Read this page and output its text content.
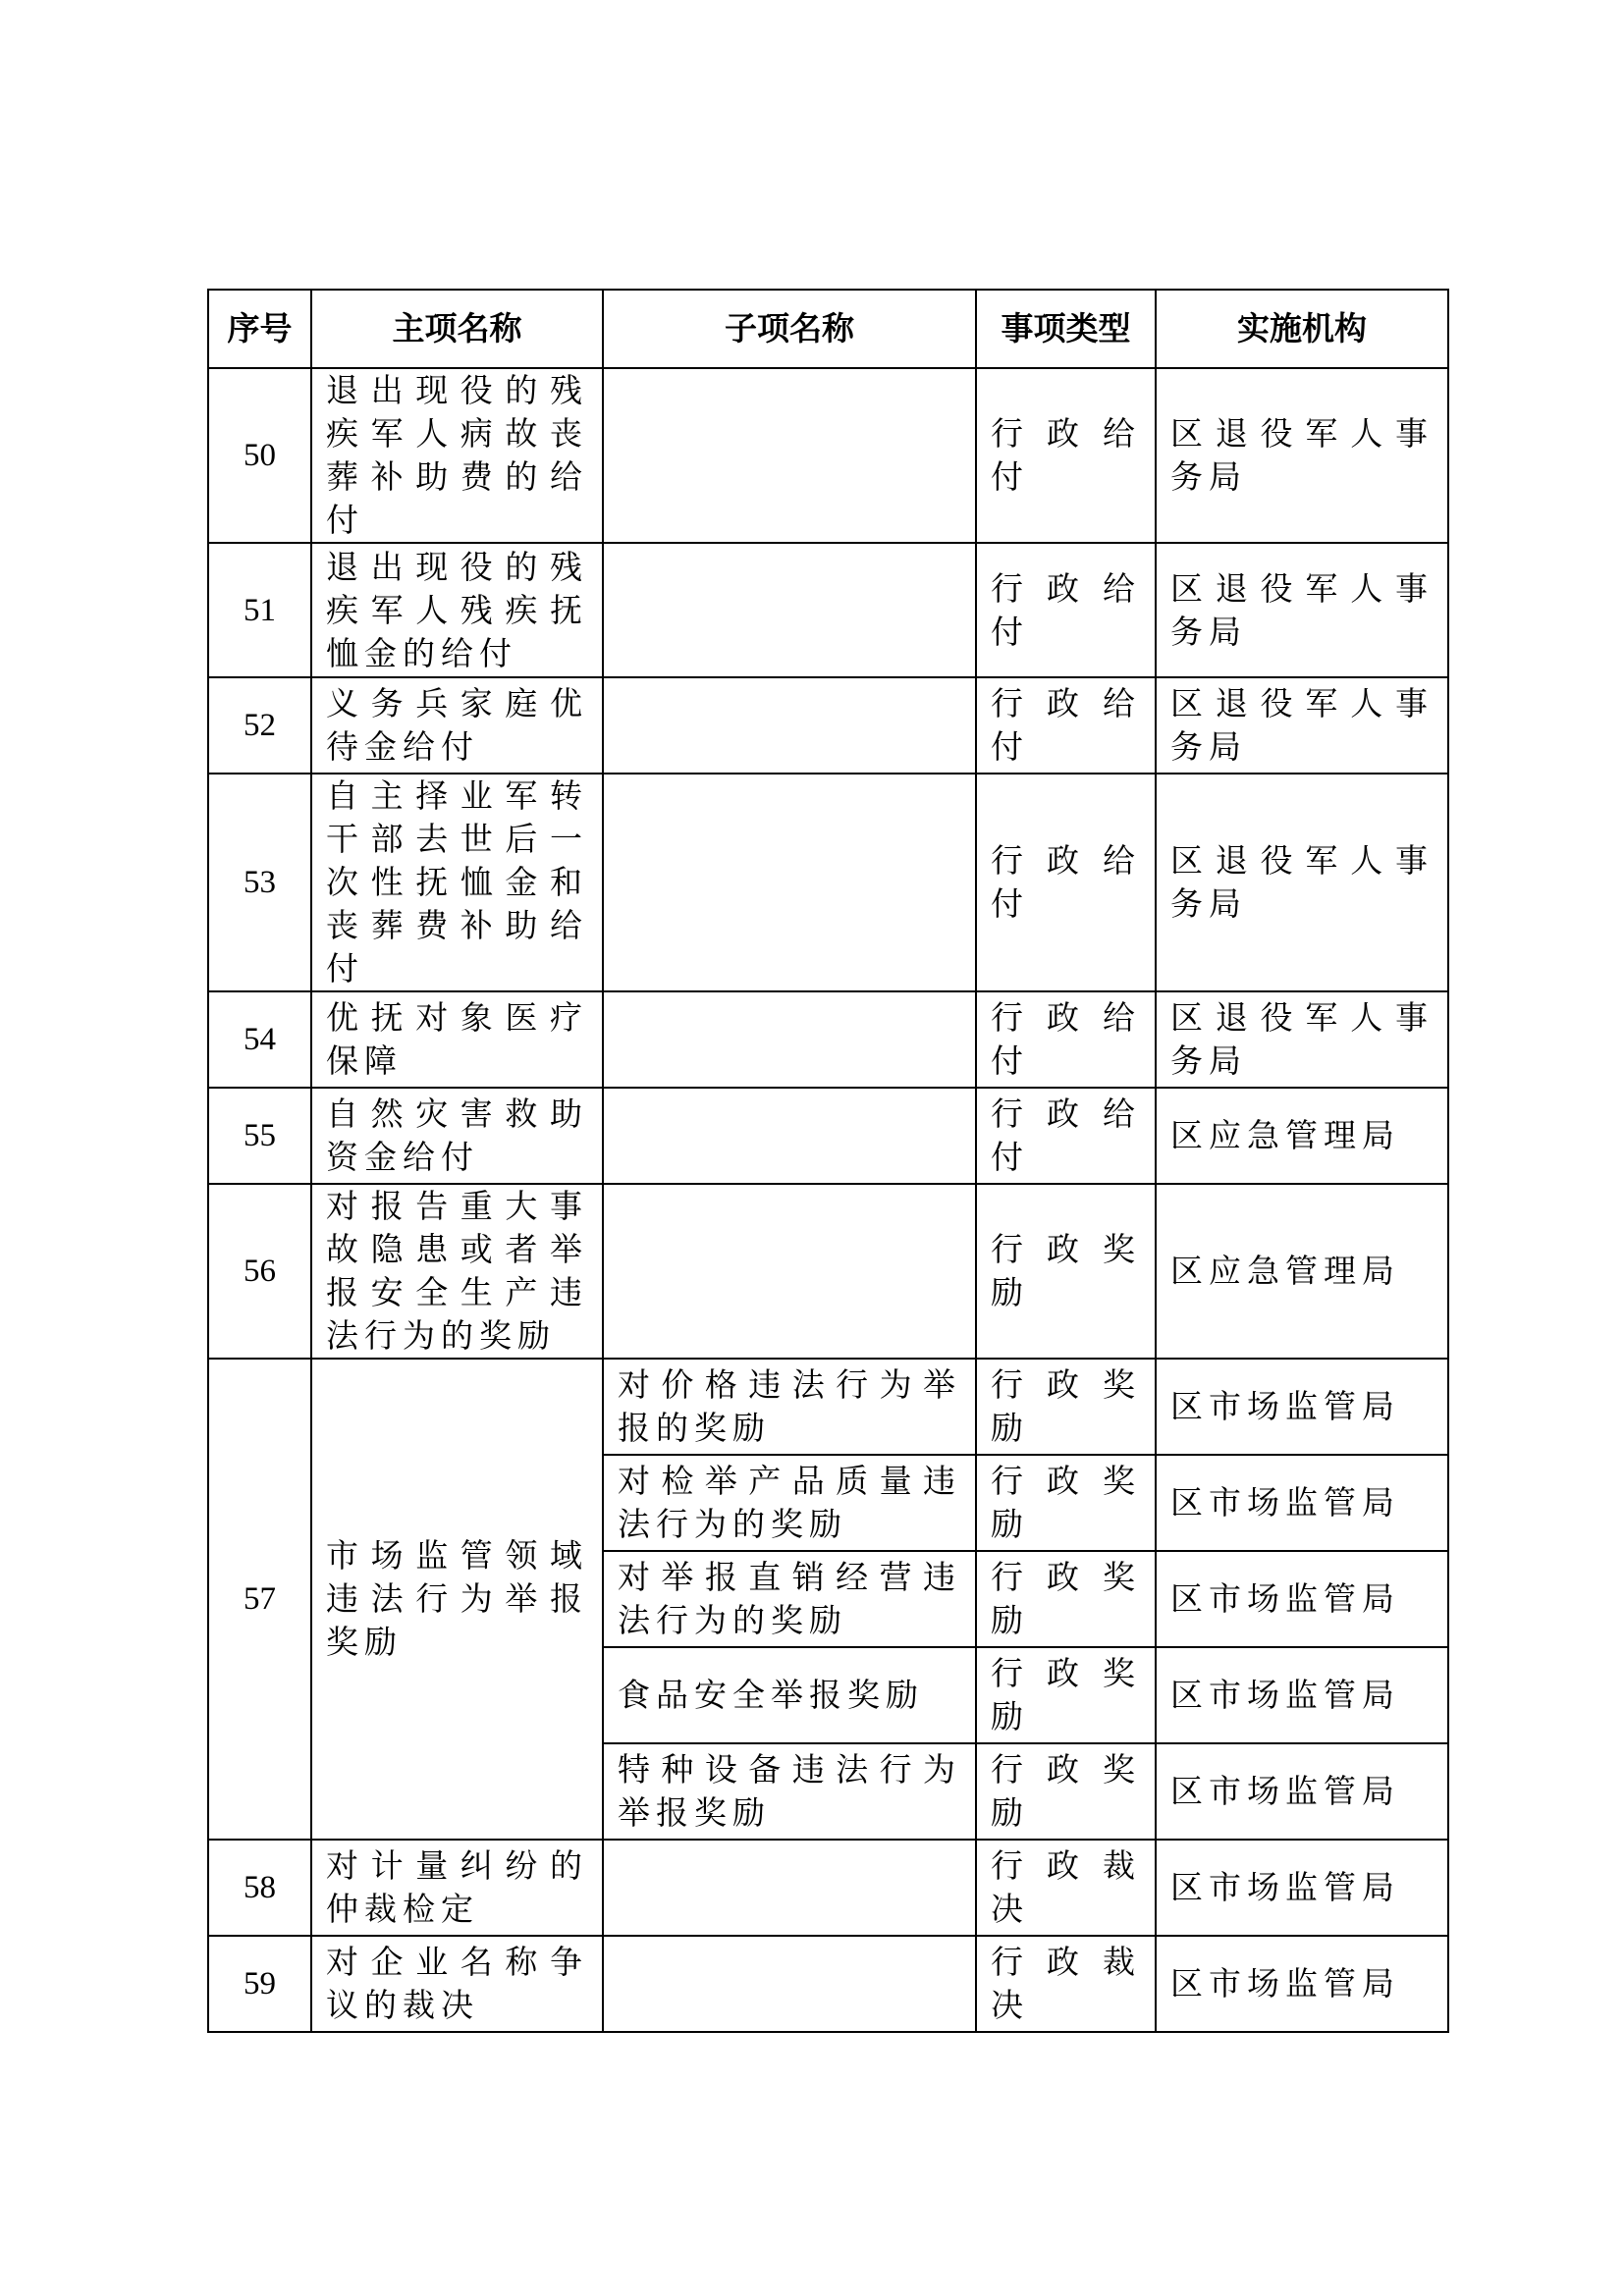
序号	主项名称	子项名称	事项类型	实施机构
50	退出现役的残疾军人病故丧葬补助费的给付		行政给付	区退役军人事务局
51	退出现役的残疾军人残疾抚恤金的给付		行政给付	区退役军人事务局
52	义务兵家庭优待金给付		行政给付	区退役军人事务局
53	自主择业军转干部去世后一次性抚恤金和丧葬费补助给付		行政给付	区退役军人事务局
54	优抚对象医疗保障		行政给付	区退役军人事务局
55	自然灾害救助资金给付		行政给付	区应急管理局
56	对报告重大事故隐患或者举报安全生产违法行为的奖励		行政奖励	区应急管理局
57	市场监管领域违法行为举报奖励	对价格违法行为举报的奖励	行政奖励	区市场监管局
		对检举产品质量违法行为的奖励	行政奖励	区市场监管局
		对举报直销经营违法行为的奖励	行政奖励	区市场监管局
		食品安全举报奖励	行政奖励	区市场监管局
		特种设备违法行为举报奖励	行政奖励	区市场监管局
58	对计量纠纷的仲裁检定		行政裁决	区市场监管局
59	对企业名称争议的裁决		行政裁决	区市场监管局
